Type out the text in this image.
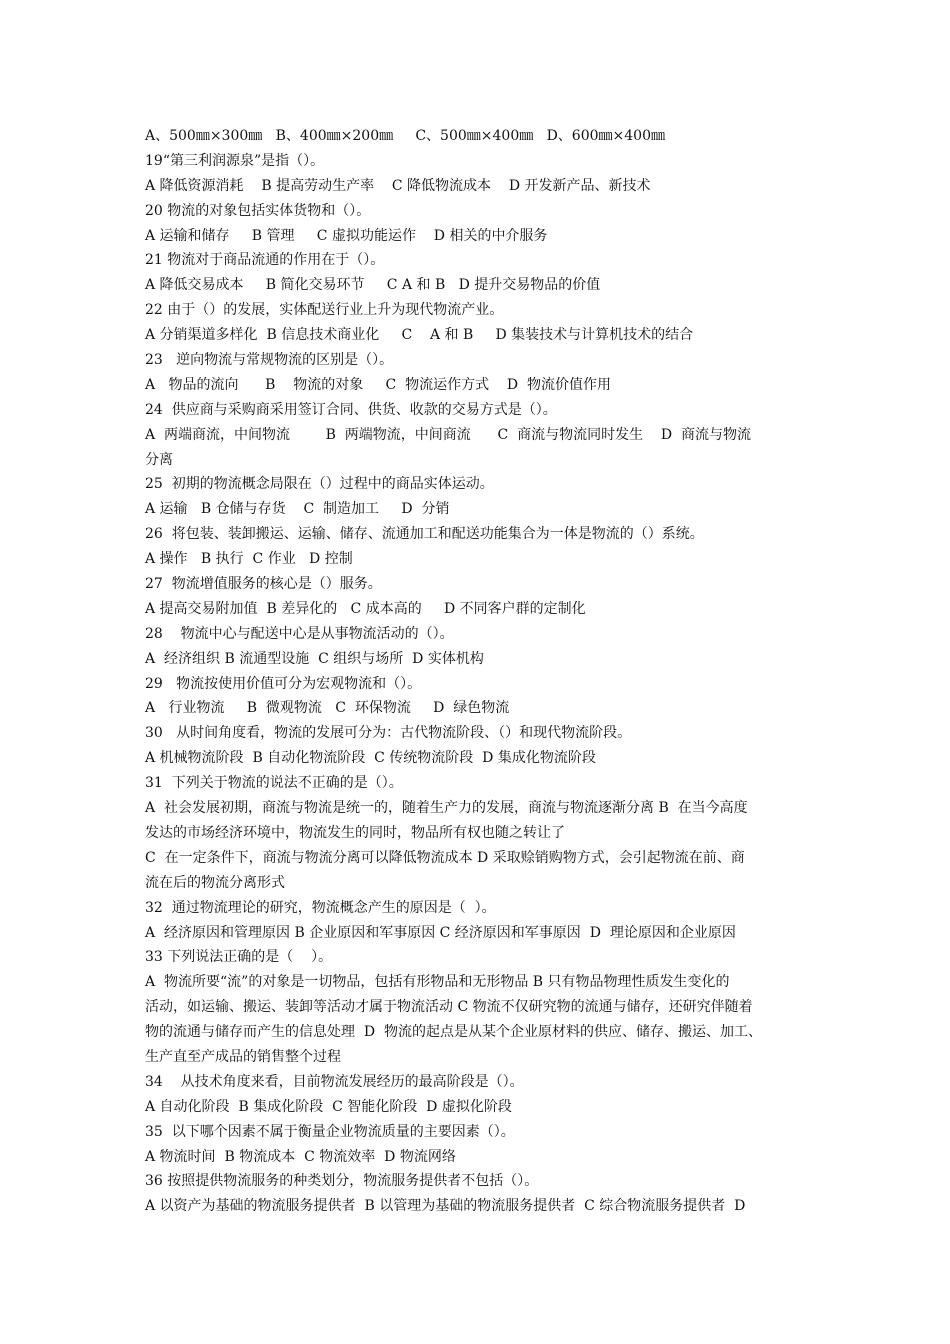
A、500㎜×300㎜   B、400㎜×200㎜     C、500㎜×400㎜   D、600㎜×400㎜
19“第三利润源泉”是指（）。
A 降低资源消耗    B 提高劳动生产率    C 降低物流成本    D 开发新产品、新技术
20 物流的对象包括实体货物和（）。
A 运输和储存     B 管理     C 虚拟功能运作    D 相关的中介服务
21 物流对于商品流通的作用在于（）。
A 降低交易成本     B 简化交易环节     C A 和 B   D 提升交易物品的价值
22 由于（）的发展，实体配送行业上升为现代物流产业。
A 分销渠道多样化  B 信息技术商业化     C    A 和 B     D 集装技术与计算机技术的结合
23   逆向物流与常规物流的区别是（）。
A   物品的流向      B    物流的对象     C  物流运作方式    D  物流价值作用
24  供应商与采购商采用签订合同、供货、收款的交易方式是（）。
A  两端商流，中间物流        B  两端物流，中间商流      C  商流与物流同时发生    D  商流与物流
分离
25  初期的物流概念局限在（）过程中的商品实体运动。
A 运输   B 仓储与存货    C  制造加工     D  分销
26  将包装、装卸搬运、运输、储存、流通加工和配送功能集合为一体是物流的（）系统。
A 操作   B 执行  C 作业   D 控制
27  物流增值服务的核心是（）服务。
A 提高交易附加值  B 差异化的   C 成本高的     D 不同客户群的定制化
28    物流中心与配送中心是从事物流活动的（）。
A  经济组织 B 流通型设施  C 组织与场所  D 实体机构
29   物流按使用价值可分为宏观物流和（）。
A   行业物流     B  微观物流   C  环保物流     D  绿色物流
30   从时间角度看，物流的发展可分为：古代物流阶段、（）和现代物流阶段。
A 机械物流阶段  B 自动化物流阶段  C 传统物流阶段  D 集成化物流阶段
31  下列关于物流的说法不正确的是（）。
A  社会发展初期，商流与物流是统一的，随着生产力的发展，商流与物流逐渐分离 B  在当今高度
发达的市场经济环境中，物流发生的同时，物品所有权也随之转让了
C  在一定条件下，商流与物流分离可以降低物流成本 D 采取赊销购物方式，会引起物流在前、商
流在后的物流分离形式
32  通过物流理论的研究，物流概念产生的原因是（  ）。
A  经济原因和管理原因 B 企业原因和军事原因 C 经济原因和军事原因  D  理论原因和企业原因
33 下列说法正确的是（    ）。
A  物流所要“流”的对象是一切物品，包括有形物品和无形物品 B 只有物品物理性质发生变化的
活动，如运输、搬运、装卸等活动才属于物流活动 C 物流不仅研究物的流通与储存，还研究伴随着
物的流通与储存而产生的信息处理  D  物流的起点是从某个企业原材料的供应、储存、搬运、加工、
生产直至产成品的销售整个过程
34    从技术角度来看，目前物流发展经历的最高阶段是（）。
A 自动化阶段  B 集成化阶段  C 智能化阶段  D 虚拟化阶段
35  以下哪个因素不属于衡量企业物流质量的主要因素（）。
A 物流时间  B 物流成本  C 物流效率  D 物流网络
36 按照提供物流服务的种类划分，物流服务提供者不包括（）。
A 以资产为基础的物流服务提供者  B 以管理为基础的物流服务提供者  C 综合物流服务提供者  D
